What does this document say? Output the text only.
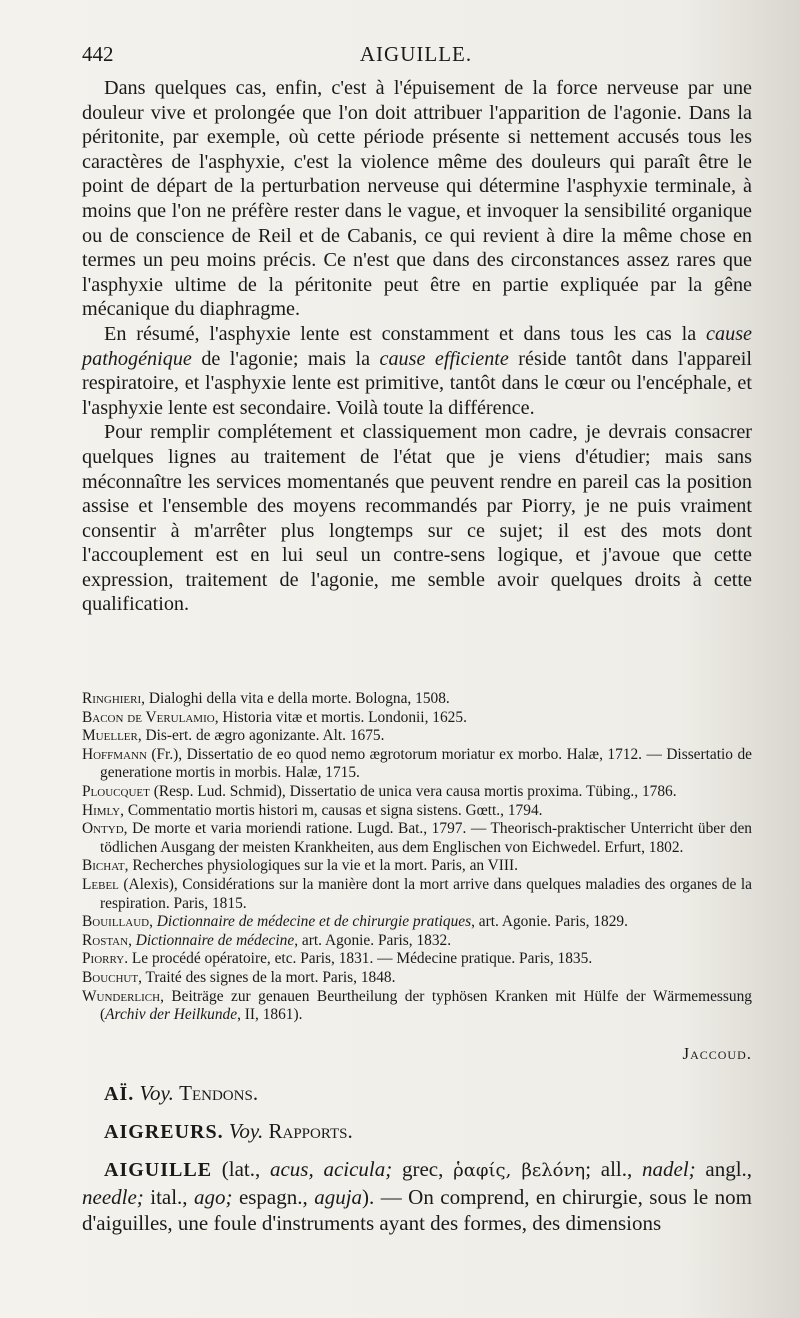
442	AIGUILLE.

Dans quelques cas, enfin, c'est à l'épuisement de la force nerveuse par une douleur vive et prolongée que l'on doit attribuer l'apparition de l'agonie. Dans la péritonite, par exemple, où cette période présente si nettement accusés tous les caractères de l'asphyxie, c'est la violence même des douleurs qui paraît être le point de départ de la perturbation nerveuse qui détermine l'asphyxie terminale, à moins que l'on ne préfère rester dans le vague, et invoquer la sensibilité organique ou de conscience de Reil et de Cabanis, ce qui revient à dire la même chose en termes un peu moins précis. Ce n'est que dans des circonstances assez rares que l'asphyxie ultime de la péritonite peut être en partie expliquée par la gêne mécanique du diaphragme.

En résumé, l'asphyxie lente est constamment et dans tous les cas la cause pathogénique de l'agonie; mais la cause efficiente réside tantôt dans l'appareil respiratoire, et l'asphyxie lente est primitive, tantôt dans le cœur ou l'encéphale, et l'asphyxie lente est secondaire. Voilà toute la différence.

Pour remplir complétement et classiquement mon cadre, je devrais consacrer quelques lignes au traitement de l'état que je viens d'étudier; mais sans méconnaître les services momentanés que peuvent rendre en pareil cas la position assise et l'ensemble des moyens recommandés par Piorry, je ne puis vraiment consentir à m'arrêter plus longtemps sur ce sujet; il est des mots dont l'accouplement est en lui seul un contre-sens logique, et j'avoue que cette expression, traitement de l'agonie, me semble avoir quelques droits à cette qualification.

Ringhieri, Dialoghi della vita e della morte. Bologna, 1508.
Bacon de Verulamio, Historia vitæ et mortis. Londonii, 1625.
Mueller, Dis-ert. de ægro agonizante. Alt. 1675.
Hoffmann (Fr.), Dissertatio de eo quod nemo ægrotorum moriatur ex morbo. Halæ, 1712. — Dissertatio de generatione mortis in morbis. Halæ, 1715.
Ploucquet (Resp. Lud. Schmid), Dissertatio de unica vera causa mortis proxima. Tübing., 1786.
Himly, Commentatio mortis histori m, causas et signa sistens. Gœtt., 1794.
Ontyd, De morte et varia moriendi ratione. Lugd. Bat., 1797. — Theorisch-praktischer Unterricht über den tödlichen Ausgang der meisten Krankheiten, aus dem Englischen von Eichwedel. Erfurt, 1802.
Bichat, Recherches physiologiques sur la vie et la mort. Paris, an VIII.
Lebel (Alexis), Considérations sur la manière dont la mort arrive dans quelques maladies des organes de la respiration. Paris, 1815.
Bouillaud, Dictionnaire de médecine et de chirurgie pratiques, art. Agonie. Paris, 1829.
Rostan, Dictionnaire de médecine, art. Agonie. Paris, 1832.
Piorry. Le procédé opératoire, etc. Paris, 1831. — Médecine pratique. Paris, 1835.
Bouchut, Traité des signes de la mort. Paris, 1848.
Wunderlich, Beiträge zur genauen Beurtheilung der typhösen Kranken mit Hülfe der Wärmemessung (Archiv der Heilkunde, II, 1861).
Jaccoud.
AÏ. Voy. Tendons.
AIGREURS. Voy. Rapports.
AIGUILLE (lat., acus, acicula; grec, ῥαφίς, βελόνη; all., nadel; angl., needle; ital., ago; espagn., aguja). — On comprend, en chirurgie, sous le nom d'aiguilles, une foule d'instruments ayant des formes, des dimensions
